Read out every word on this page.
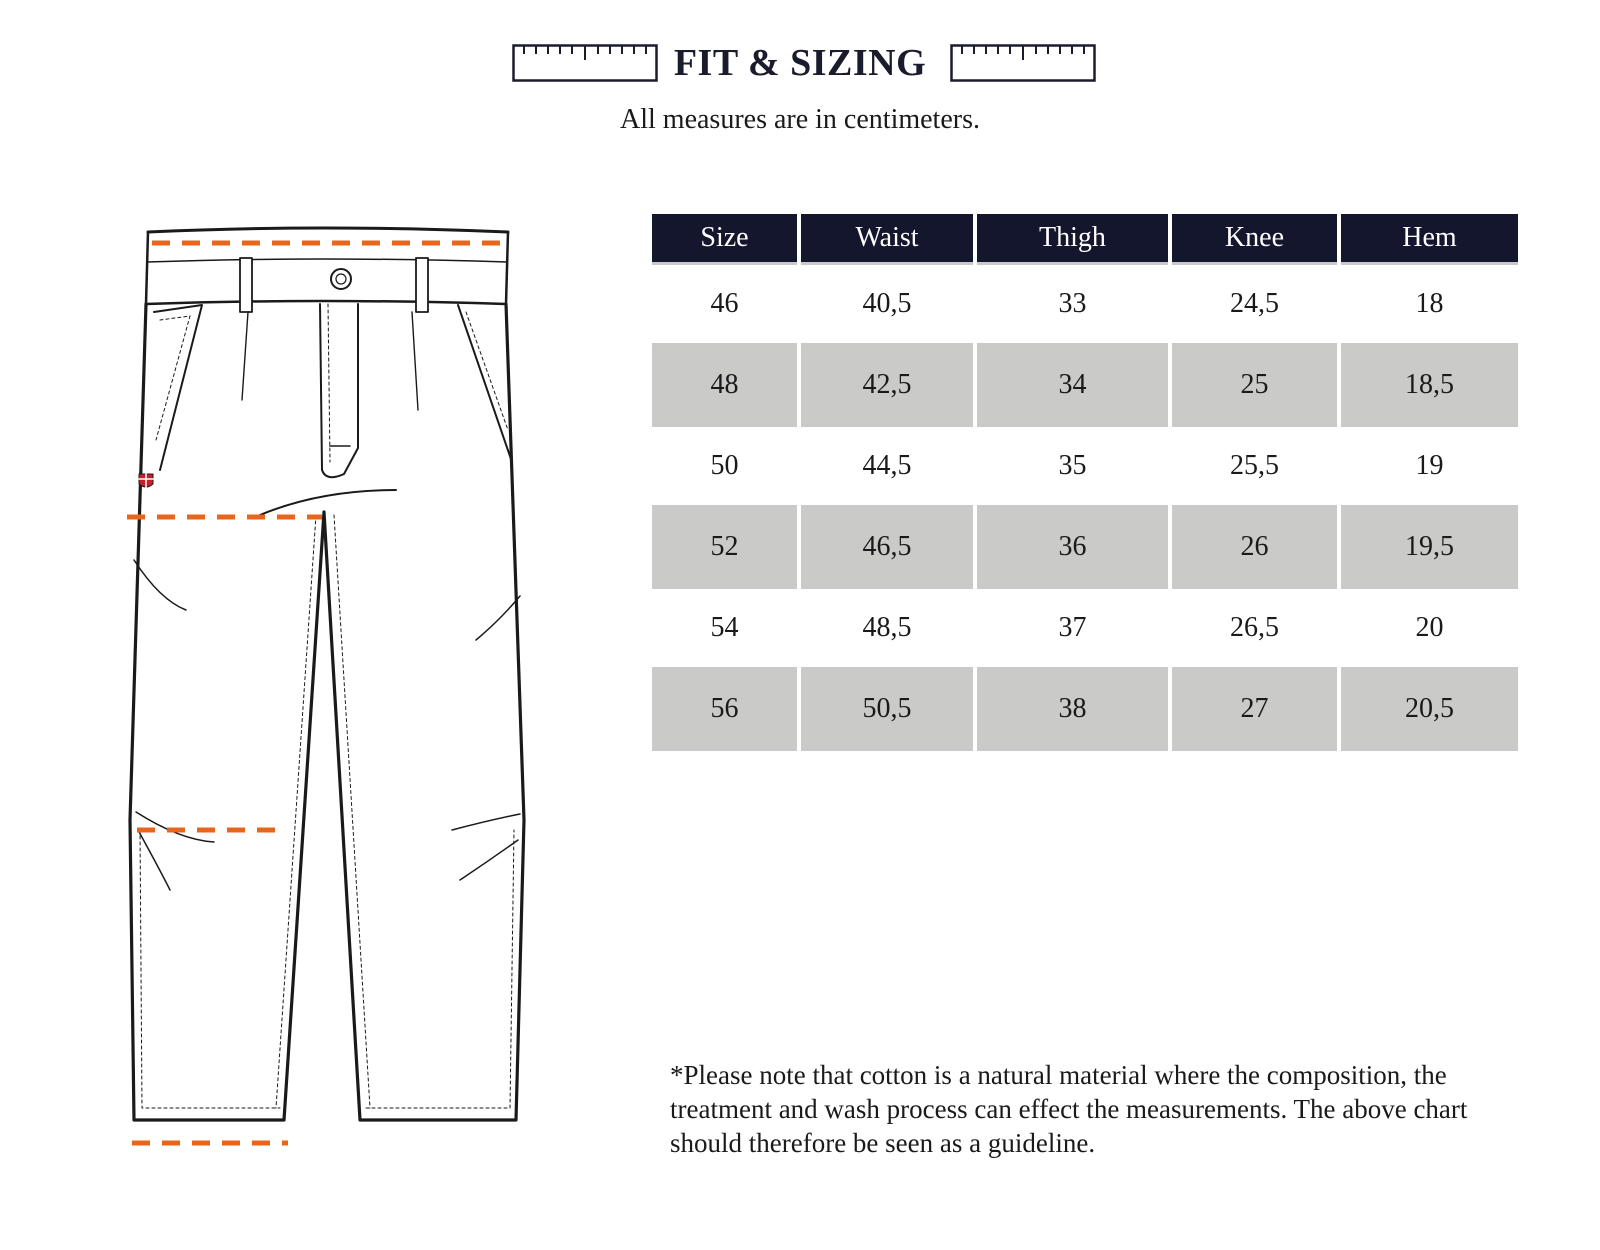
FIT & SIZING
All measures are in centimeters.
Size	Waist	Thigh	Knee	Hem
46	40,5	33	24,5	18
48	42,5	34	25	18,5
50	44,5	35	25,5	19
52	46,5	36	26	19,5
54	48,5	37	26,5	20
56	50,5	38	27	20,5
*Please note that cotton is a natural material where the composition, the treatment and wash process can effect the measurements. The above chart should therefore be seen as a guideline.
